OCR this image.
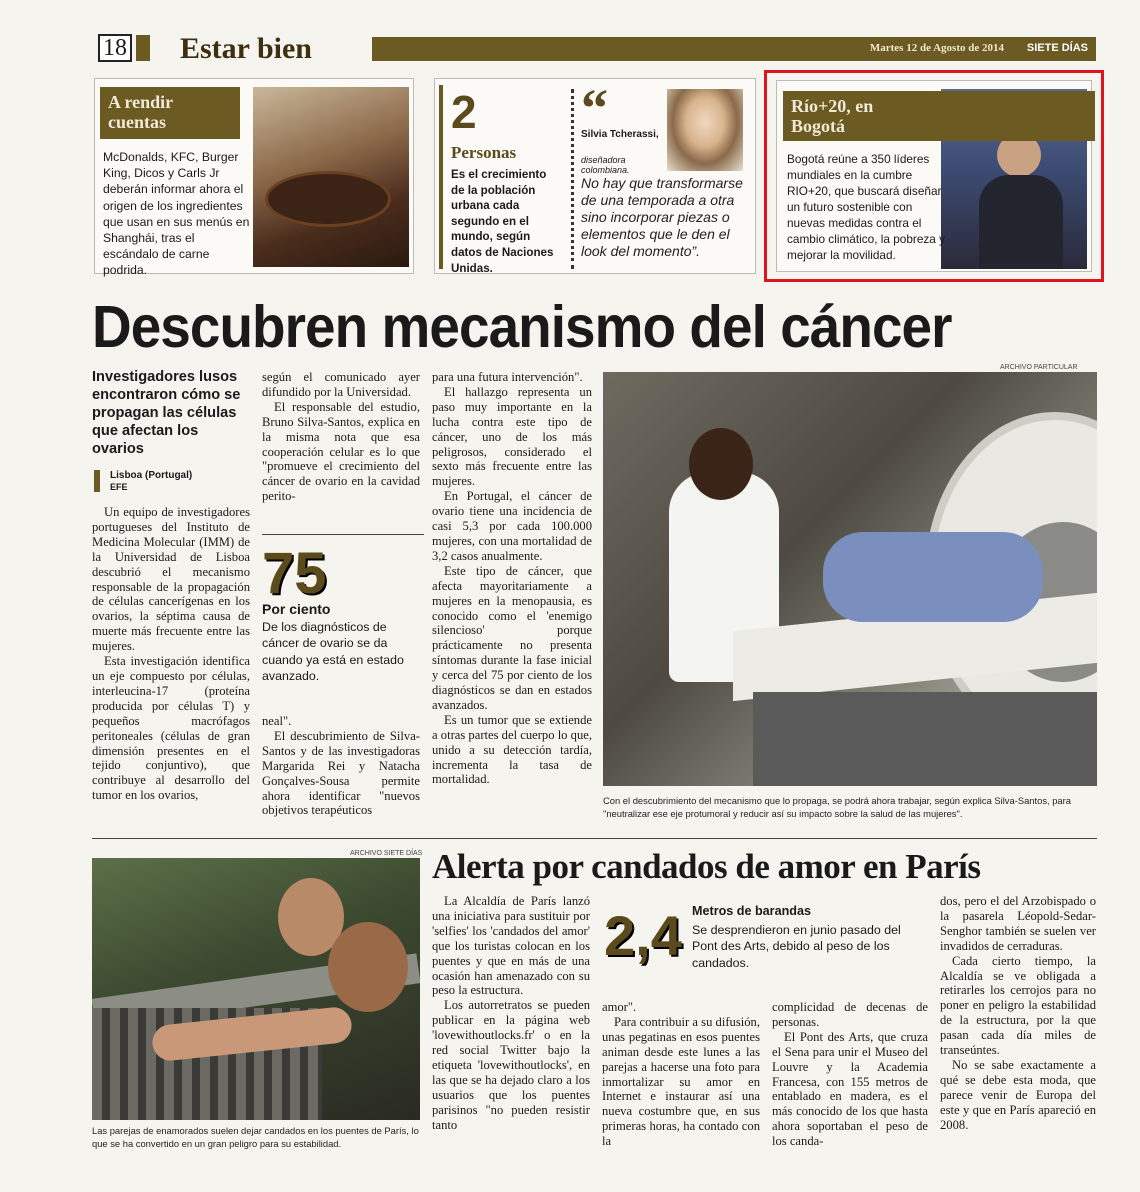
18 Estar bien	Martes 12 de Agosto de 2014 SIETE DÍAS
A rendir cuentas
McDonalds, KFC, Burger King, Dicos y Carls Jr deberán informar ahora el origen de los ingredientes que usan en sus menús en Shanghái, tras el escándalo de carne podrida.
2
Personas
Es el crecimiento de la población urbana cada segundo en el mundo, según datos de Naciones Unidas.
“
Silvia Tcherassi,
diseñadora colombiana.
No hay que transformarse de una temporada a otra sino incorporar piezas o elementos que le den el look del momento”.
Río+20, en Bogotá
Bogotá reúne a 350 líderes mundiales en la cumbre RIO+20, que buscará diseñar un futuro sostenible con nuevas medidas contra el cambio climático, la pobreza y mejorar la movilidad.
Descubren mecanismo del cáncer
Investigadores lusos encontraron cómo se propagan las células que afectan los ovarios
Lisboa (Portugal)
EFE

Un equipo de investigadores portugueses del Instituto de Medicina Molecular (IMM) de la Universidad de Lisboa descubrió el mecanismo responsable de la propagación de células cancerígenas en los ovarios, la séptima causa de muerte más frecuente entre las mujeres.

Esta investigación identifica un eje compuesto por células, interleucina-17 (proteína producida por células T) y pequeños macrófagos peritoneales (células de gran dimensión presentes en el tejido conjuntivo), que contribuye al desarrollo del tumor en los ovarios,

según el comunicado ayer difundido por la Universidad.

El responsable del estudio, Bruno Silva-Santos, explica en la misma nota que esa cooperación celular es lo que "promueve el crecimiento del cáncer de ovario en la cavidad perito-

75
Por ciento
De los diagnósticos de cáncer de ovario se da cuando ya está en estado avanzado.

neal".

El descubrimiento de Silva-Santos y de las investigadoras Margarida Rei y Natacha Gonçalves-Sousa permite ahora identificar "nuevos objetivos terapéuticos

para una futura intervención".

El hallazgo representa un paso muy importante en la lucha contra este tipo de cáncer, uno de los más peligrosos, considerado el sexto más frecuente entre las mujeres.

En Portugal, el cáncer de ovario tiene una incidencia de casi 5,3 por cada 100.000 mujeres, con una mortalidad de 3,2 casos anualmente.

Este tipo de cáncer, que afecta mayoritariamente a mujeres en la menopausia, es conocido como el 'enemigo silencioso' porque prácticamente no presenta síntomas durante la fase inicial y cerca del 75 por ciento de los diagnósticos se dan en estados avanzados.

Es un tumor que se extiende a otras partes del cuerpo lo que, unido a su detección tardía, incrementa la tasa de mortalidad.

ARCHIVO PARTICULAR
Con el descubrimiento del mecanismo que lo propaga, se podrá ahora trabajar, según explica Silva-Santos, para "neutralizar ese eje protumoral y reducir así su impacto sobre la salud de las mujeres".
ARCHIVO SIETE DÍAS
Las parejas de enamorados suelen dejar candados en los puentes de París, lo que se ha convertido en un gran peligro para su estabilidad.
Alerta por candados de amor en París

La Alcaldía de París lanzó una iniciativa para sustituir por 'selfies' los 'candados del amor' que los turistas colocan en los puentes y que en más de una ocasión han amenazado con su peso la estructura.

Los autorretratos se pueden publicar en la página web 'lovewithoutlocks.fr' o en la red social Twitter bajo la etiqueta 'lovewithoutlocks', en las que se ha dejado claro a los usuarios que los puentes parisinos "no pueden resistir tanto

2,4 Metros de barandas
Se desprendieron en junio pasado del Pont des Arts, debido al peso de los candados.

amor".

Para contribuir a su difusión, unas pegatinas en esos puentes animan desde este lunes a las parejas a hacerse una foto para inmortalizar su amor en Internet e instaurar así una nueva costumbre que, en sus primeras horas, ha contado con la

complicidad de decenas de personas.

El Pont des Arts, que cruza el Sena para unir el Museo del Louvre y la Academia Francesa, con 155 metros de entablado en madera, es el más conocido de los que hasta ahora soportaban el peso de los canda-

dos, pero el del Arzobispado o la pasarela Léopold-Sedar-Senghor también se suelen ver invadidos de cerraduras.

Cada cierto tiempo, la Alcaldía se ve obligada a retirarles los cerrojos para no poner en peligro la estabilidad de la estructura, por la que pasan cada día miles de transeúntes.

No se sabe exactamente a qué se debe esta moda, que parece venir de Europa del este y que en París apareció en 2008.
